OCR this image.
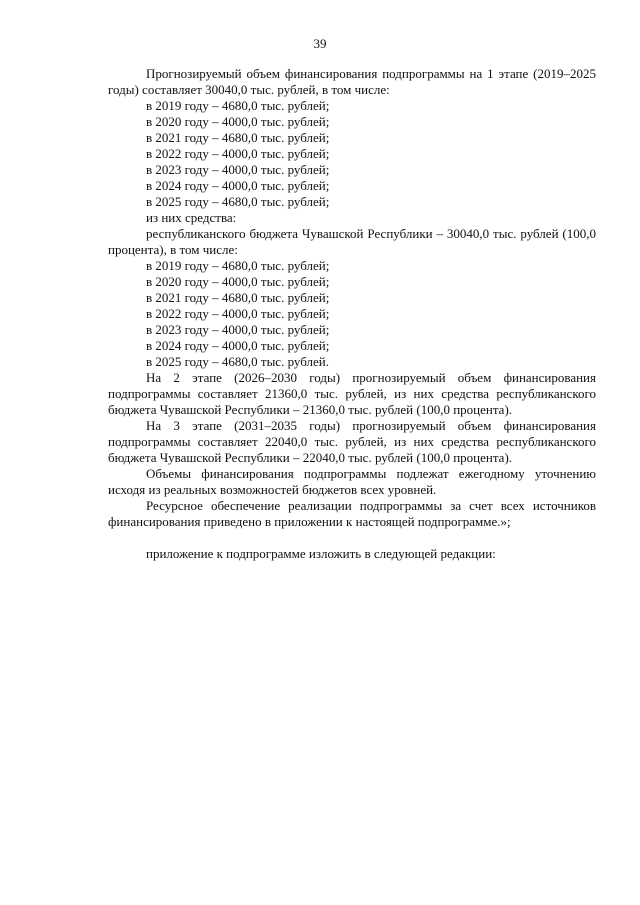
39

Прогнозируемый объем финансирования подпрограммы на 1 этапе (2019–2025 годы) составляет 30040,0 тыс. рублей, в том числе:

в 2019 году – 4680,0 тыс. рублей;
в 2020 году – 4000,0 тыс. рублей;
в 2021 году – 4680,0 тыс. рублей;
в 2022 году – 4000,0 тыс. рублей;
в 2023 году – 4000,0 тыс. рублей;
в 2024 году – 4000,0 тыс. рублей;
в 2025 году – 4680,0 тыс. рублей;

из них средства:

республиканского бюджета Чувашской Республики – 30040,0 тыс. рублей (100,0 процента), в том числе:

в 2019 году – 4680,0 тыс. рублей;
в 2020 году – 4000,0 тыс. рублей;
в 2021 году – 4680,0 тыс. рублей;
в 2022 году – 4000,0 тыс. рублей;
в 2023 году – 4000,0 тыс. рублей;
в 2024 году – 4000,0 тыс. рублей;
в 2025 году – 4680,0 тыс. рублей.

На 2 этапе (2026–2030 годы) прогнозируемый объем финансирования подпрограммы составляет 21360,0 тыс. рублей, из них средства республиканского бюджета Чувашской Республики – 21360,0 тыс. рублей (100,0 процента).

На 3 этапе (2031–2035 годы) прогнозируемый объем финансирования подпрограммы составляет 22040,0 тыс. рублей, из них средства республиканского бюджета Чувашской Республики – 22040,0 тыс. рублей (100,0 процента).

Объемы финансирования подпрограммы подлежат ежегодному уточнению исходя из реальных возможностей бюджетов всех уровней.

Ресурсное обеспечение реализации подпрограммы за счет всех источников финансирования приведено в приложении к настоящей подпрограмме.»;

приложение к подпрограмме изложить в следующей редакции:
